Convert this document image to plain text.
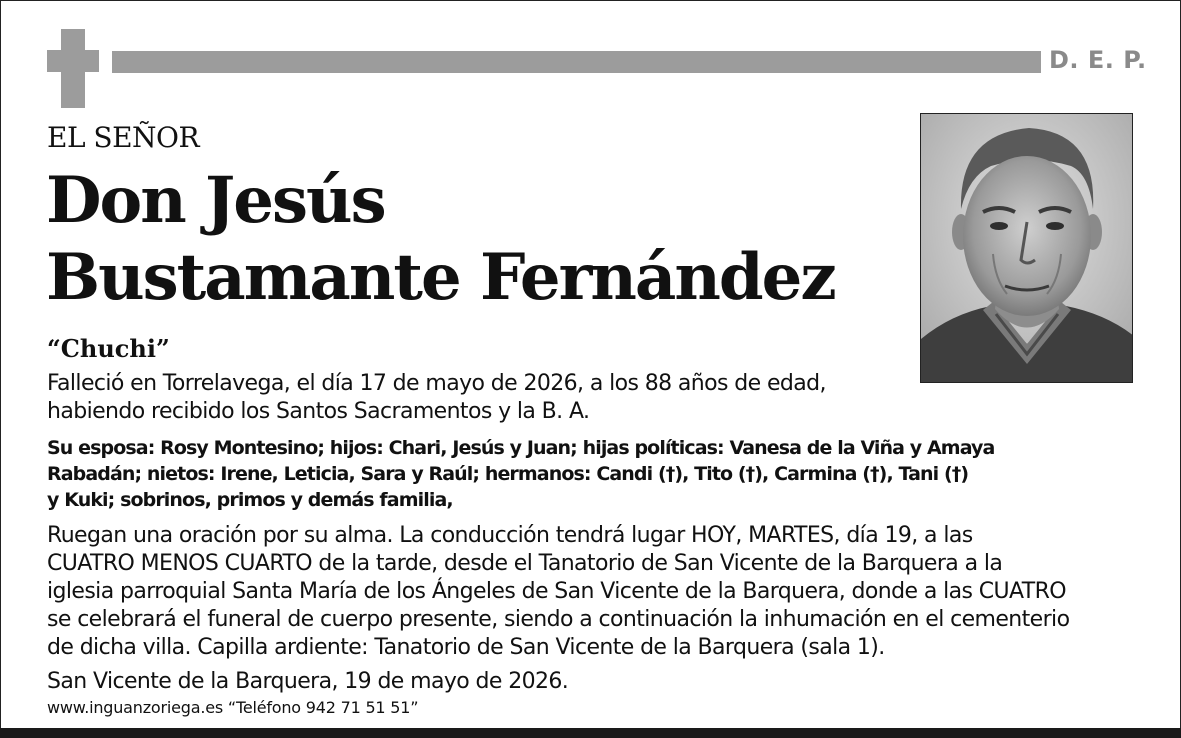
D. E. P.
EL SEÑOR
Don Jesús
Bustamante Fernández
“Chuchi”
Falleció en Torrelavega, el día 17 de mayo de 2026, a los 88 años de edad,
habiendo recibido los Santos Sacramentos y la B. A.
Su esposa: Rosy Montesino; hijos: Chari, Jesús y Juan; hijas políticas: Vanesa de la Viña y Amaya
Rabadán; nietos: Irene, Leticia, Sara y Raúl; hermanos: Candi (†), Tito (†), Carmina (†), Tani (†)
y Kuki; sobrinos, primos y demás familia,
Ruegan una oración por su alma. La conducción tendrá lugar HOY, MARTES, día 19, a las
CUATRO MENOS CUARTO de la tarde, desde el Tanatorio de San Vicente de la Barquera a la
iglesia parroquial Santa María de los Ángeles de San Vicente de la Barquera, donde a las CUATRO
se celebrará el funeral de cuerpo presente, siendo a continuación la inhumación en el cementerio
de dicha villa. Capilla ardiente: Tanatorio de San Vicente de la Barquera (sala 1).
San Vicente de la Barquera, 19 de mayo de 2026.
www.inguanzoriega.es “Teléfono 942 71 51 51”
